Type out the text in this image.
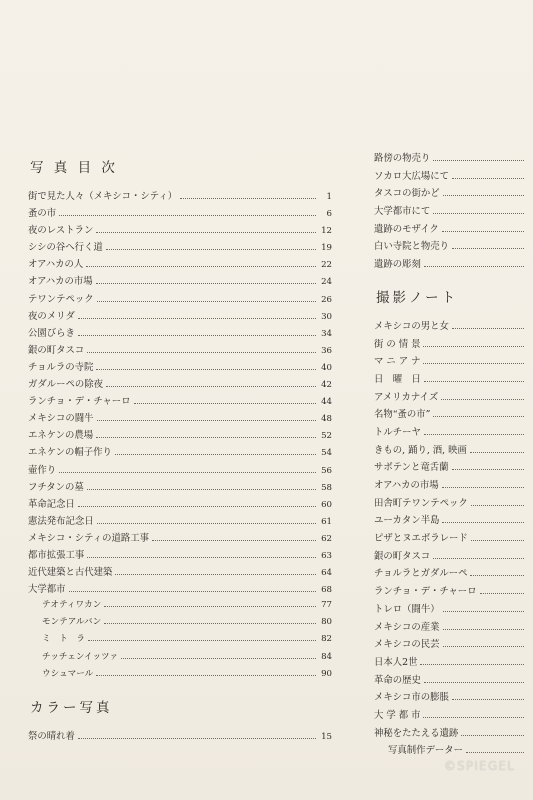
写 真 目 次
街で見た人々（メキシコ・シティ）	1
蚤の市	6
夜のレストラン	12
シシの谷へ行く道	19
オアハカの人	22
オアハカの市場	24
テワンテペック	26
夜のメリダ	30
公園びらき	34
銀の町タスコ	36
チョルラの寺院	40
ガダルーペの除夜	42
ランチョ・デ・チャーロ	44
メキシコの闘牛	48
エネケンの農場	52
エネケンの帽子作り	54
壷作り	56
フチタンの墓	58
革命記念日	60
憲法発布記念日	61
メキシコ・シティの道路工事	62
都市拡張工事	63
近代建築と古代建築	64
大学都市	68
テオティワカン	77
モンテアルバン	80
ミ　ト　ラ	82
チッチェンイッツァ	84
ウシュマール	90
カラー写真
祭の晴れ着	15
路傍の物売り
ソカロ大広場にて
タスコの街かど
大学都市にて
遺跡のモザイク
白い寺院と物売り
遺跡の彫刻
撮影ノート
メキシコの男と女
街 の 情 景
マ ニ ア ナ
日　曜　日
アメリカナイズ
名物“蚤の市”
トルチーヤ
きもの, 踊り, 酒, 映画
サボテンと竜舌蘭
オアハカの市場
田舎町テワンテペック
ユーカタン半島
ピザとヌエボラレード
銀の町タスコ
チョルラとガダルーペ
ランチョ・デ・チャーロ
トレロ（闘牛）
メキシコの産業
メキシコの民芸
日本人2世
革命の歴史
メキシコ市の膨脹
大 学 都 市
神秘をたたえる遺跡
写真制作データー
©SPIEGEL
